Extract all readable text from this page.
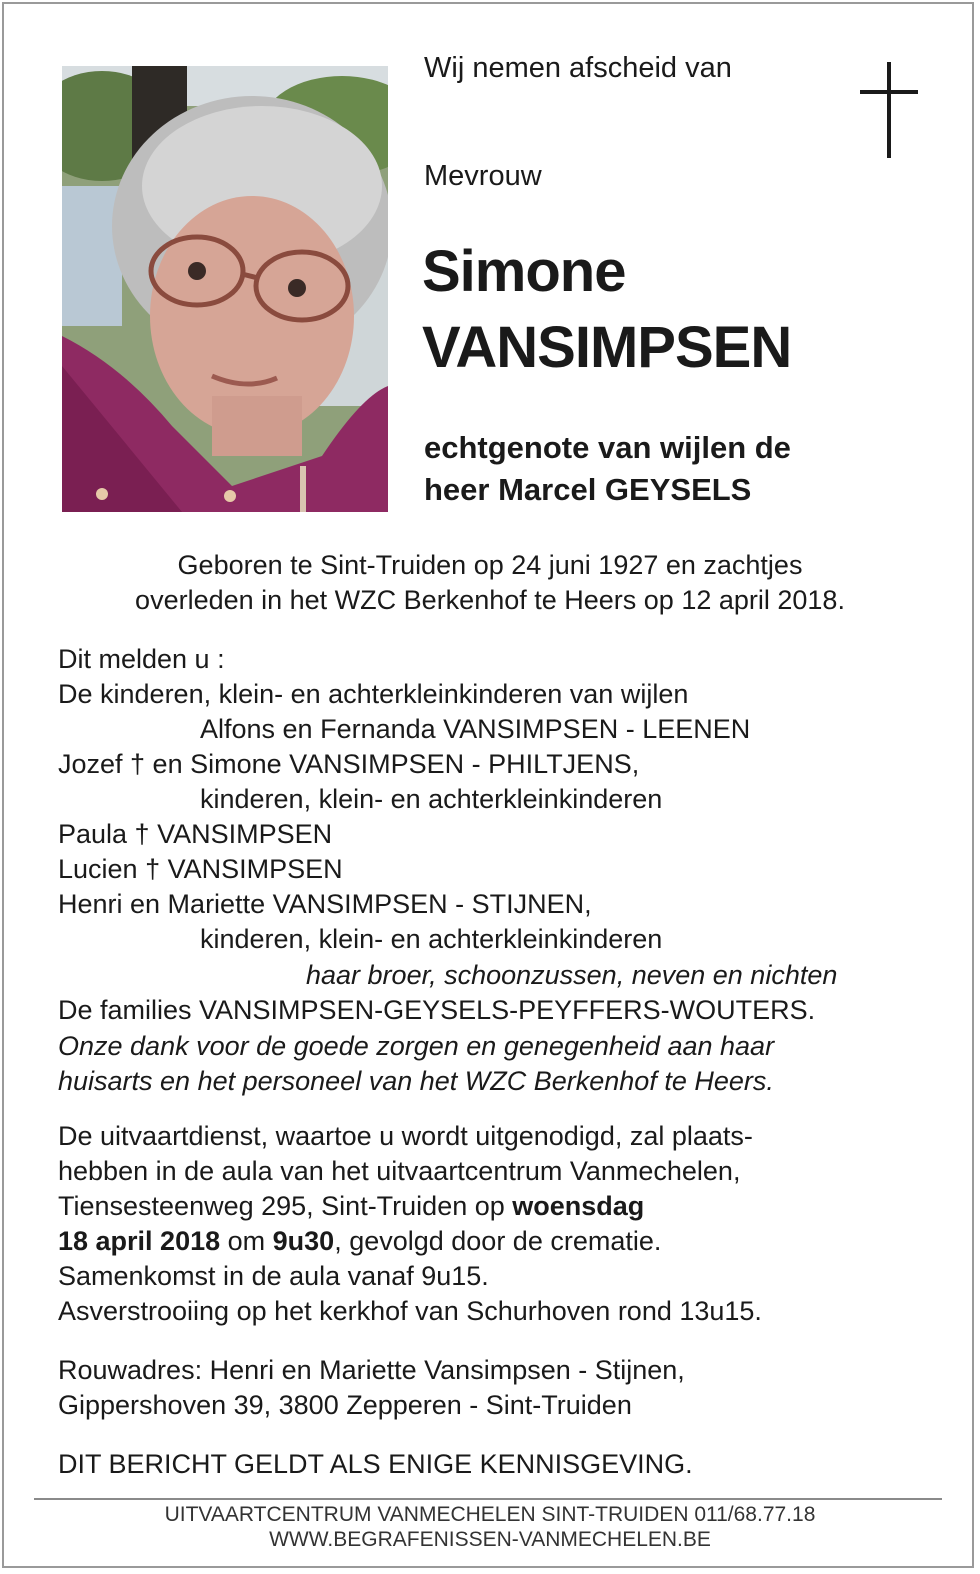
Wij nemen afscheid van
Mevrouw
Simone
VANSIMPSEN
echtgenote van wijlen de
heer Marcel GEYSELS
Geboren te Sint-Truiden op 24 juni 1927 en zachtjes
overleden in het WZC Berkenhof te Heers op 12 april 2018.
Dit melden u :
De kinderen, klein- en achterkleinkinderen van wijlen
Alfons en Fernanda VANSIMPSEN - LEENEN
Jozef † en Simone VANSIMPSEN - PHILTJENS,
kinderen, klein- en achterkleinkinderen
Paula † VANSIMPSEN
Lucien † VANSIMPSEN
Henri en Mariette VANSIMPSEN - STIJNEN,
kinderen, klein- en achterkleinkinderen
haar broer, schoonzussen, neven en nichten
De families VANSIMPSEN-GEYSELS-PEYFFERS-WOUTERS.
Onze dank voor de goede zorgen en genegenheid aan haar
huisarts en het personeel van het WZC Berkenhof te Heers.
De uitvaartdienst, waartoe u wordt uitgenodigd, zal plaats-
hebben in de aula van het uitvaartcentrum Vanmechelen,
Tiensesteenweg 295, Sint-Truiden op woensdag
18 april 2018 om 9u30, gevolgd door de crematie.
Samenkomst in de aula vanaf 9u15.
Asverstrooiing op het kerkhof van Schurhoven rond 13u15.
Rouwadres: Henri en Mariette Vansimpsen - Stijnen,
Gippershoven 39, 3800 Zepperen - Sint-Truiden
DIT BERICHT GELDT ALS ENIGE KENNISGEVING.
UITVAARTCENTRUM VANMECHELEN SINT-TRUIDEN 011/68.77.18
WWW.BEGRAFENISSEN-VANMECHELEN.BE
